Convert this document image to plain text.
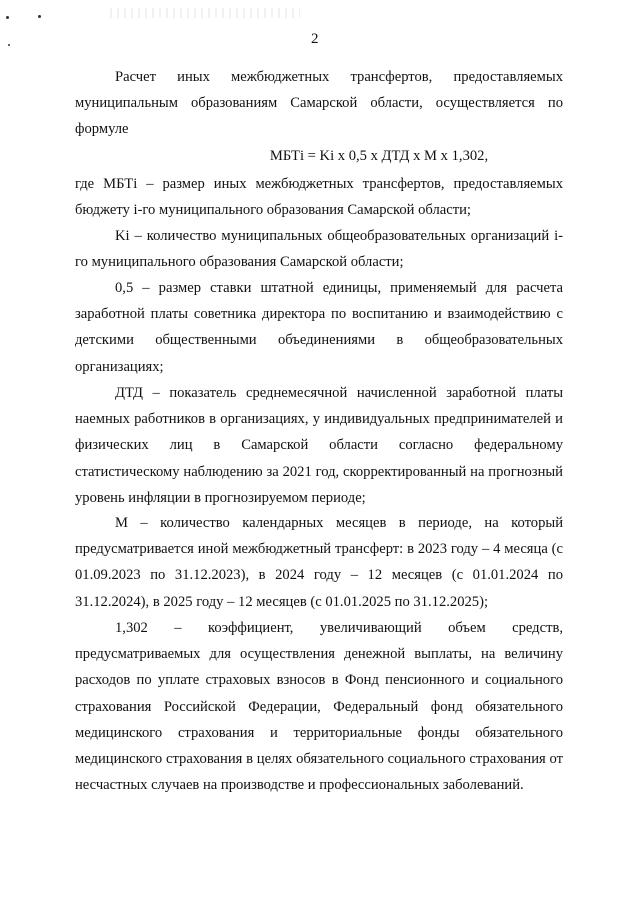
2

Расчет иных межбюджетных трансфертов, предоставляемых муниципальным образованиям Самарской области, осуществляется по формуле

МБТi = Ki x 0,5 x ДТД x М x 1,302,

где МБТi – размер иных межбюджетных трансфертов, предоставляемых бюджету i-го муниципального образования Самарской области;

Ki – количество муниципальных общеобразовательных организаций i-го муниципального образования Самарской области;

0,5 – размер ставки штатной единицы, применяемый для расчета заработной платы советника директора по воспитанию и взаимодействию с детскими общественными объединениями в общеобразовательных организациях;

ДТД – показатель среднемесячной начисленной заработной платы наемных работников в организациях, у индивидуальных предпринимателей и физических лиц в Самарской области согласно федеральному статистическому наблюдению за 2021 год, скорректированный на прогнозный уровень инфляции в прогнозируемом периоде;

М – количество календарных месяцев в периоде, на который предусматривается иной межбюджетный трансферт: в 2023 году – 4 месяца (с 01.09.2023 по 31.12.2023), в 2024 году – 12 месяцев (с 01.01.2024 по 31.12.2024), в 2025 году – 12 месяцев (с 01.01.2025 по 31.12.2025);

1,302 – коэффициент, увеличивающий объем средств, предусматриваемых для осуществления денежной выплаты, на величину расходов по уплате страховых взносов в Фонд пенсионного и социального страхования Российской Федерации, Федеральный фонд обязательного медицинского страхования и территориальные фонды обязательного медицинского страхования в целях обязательного социального страхования от несчастных случаев на производстве и профессиональных заболеваний.
